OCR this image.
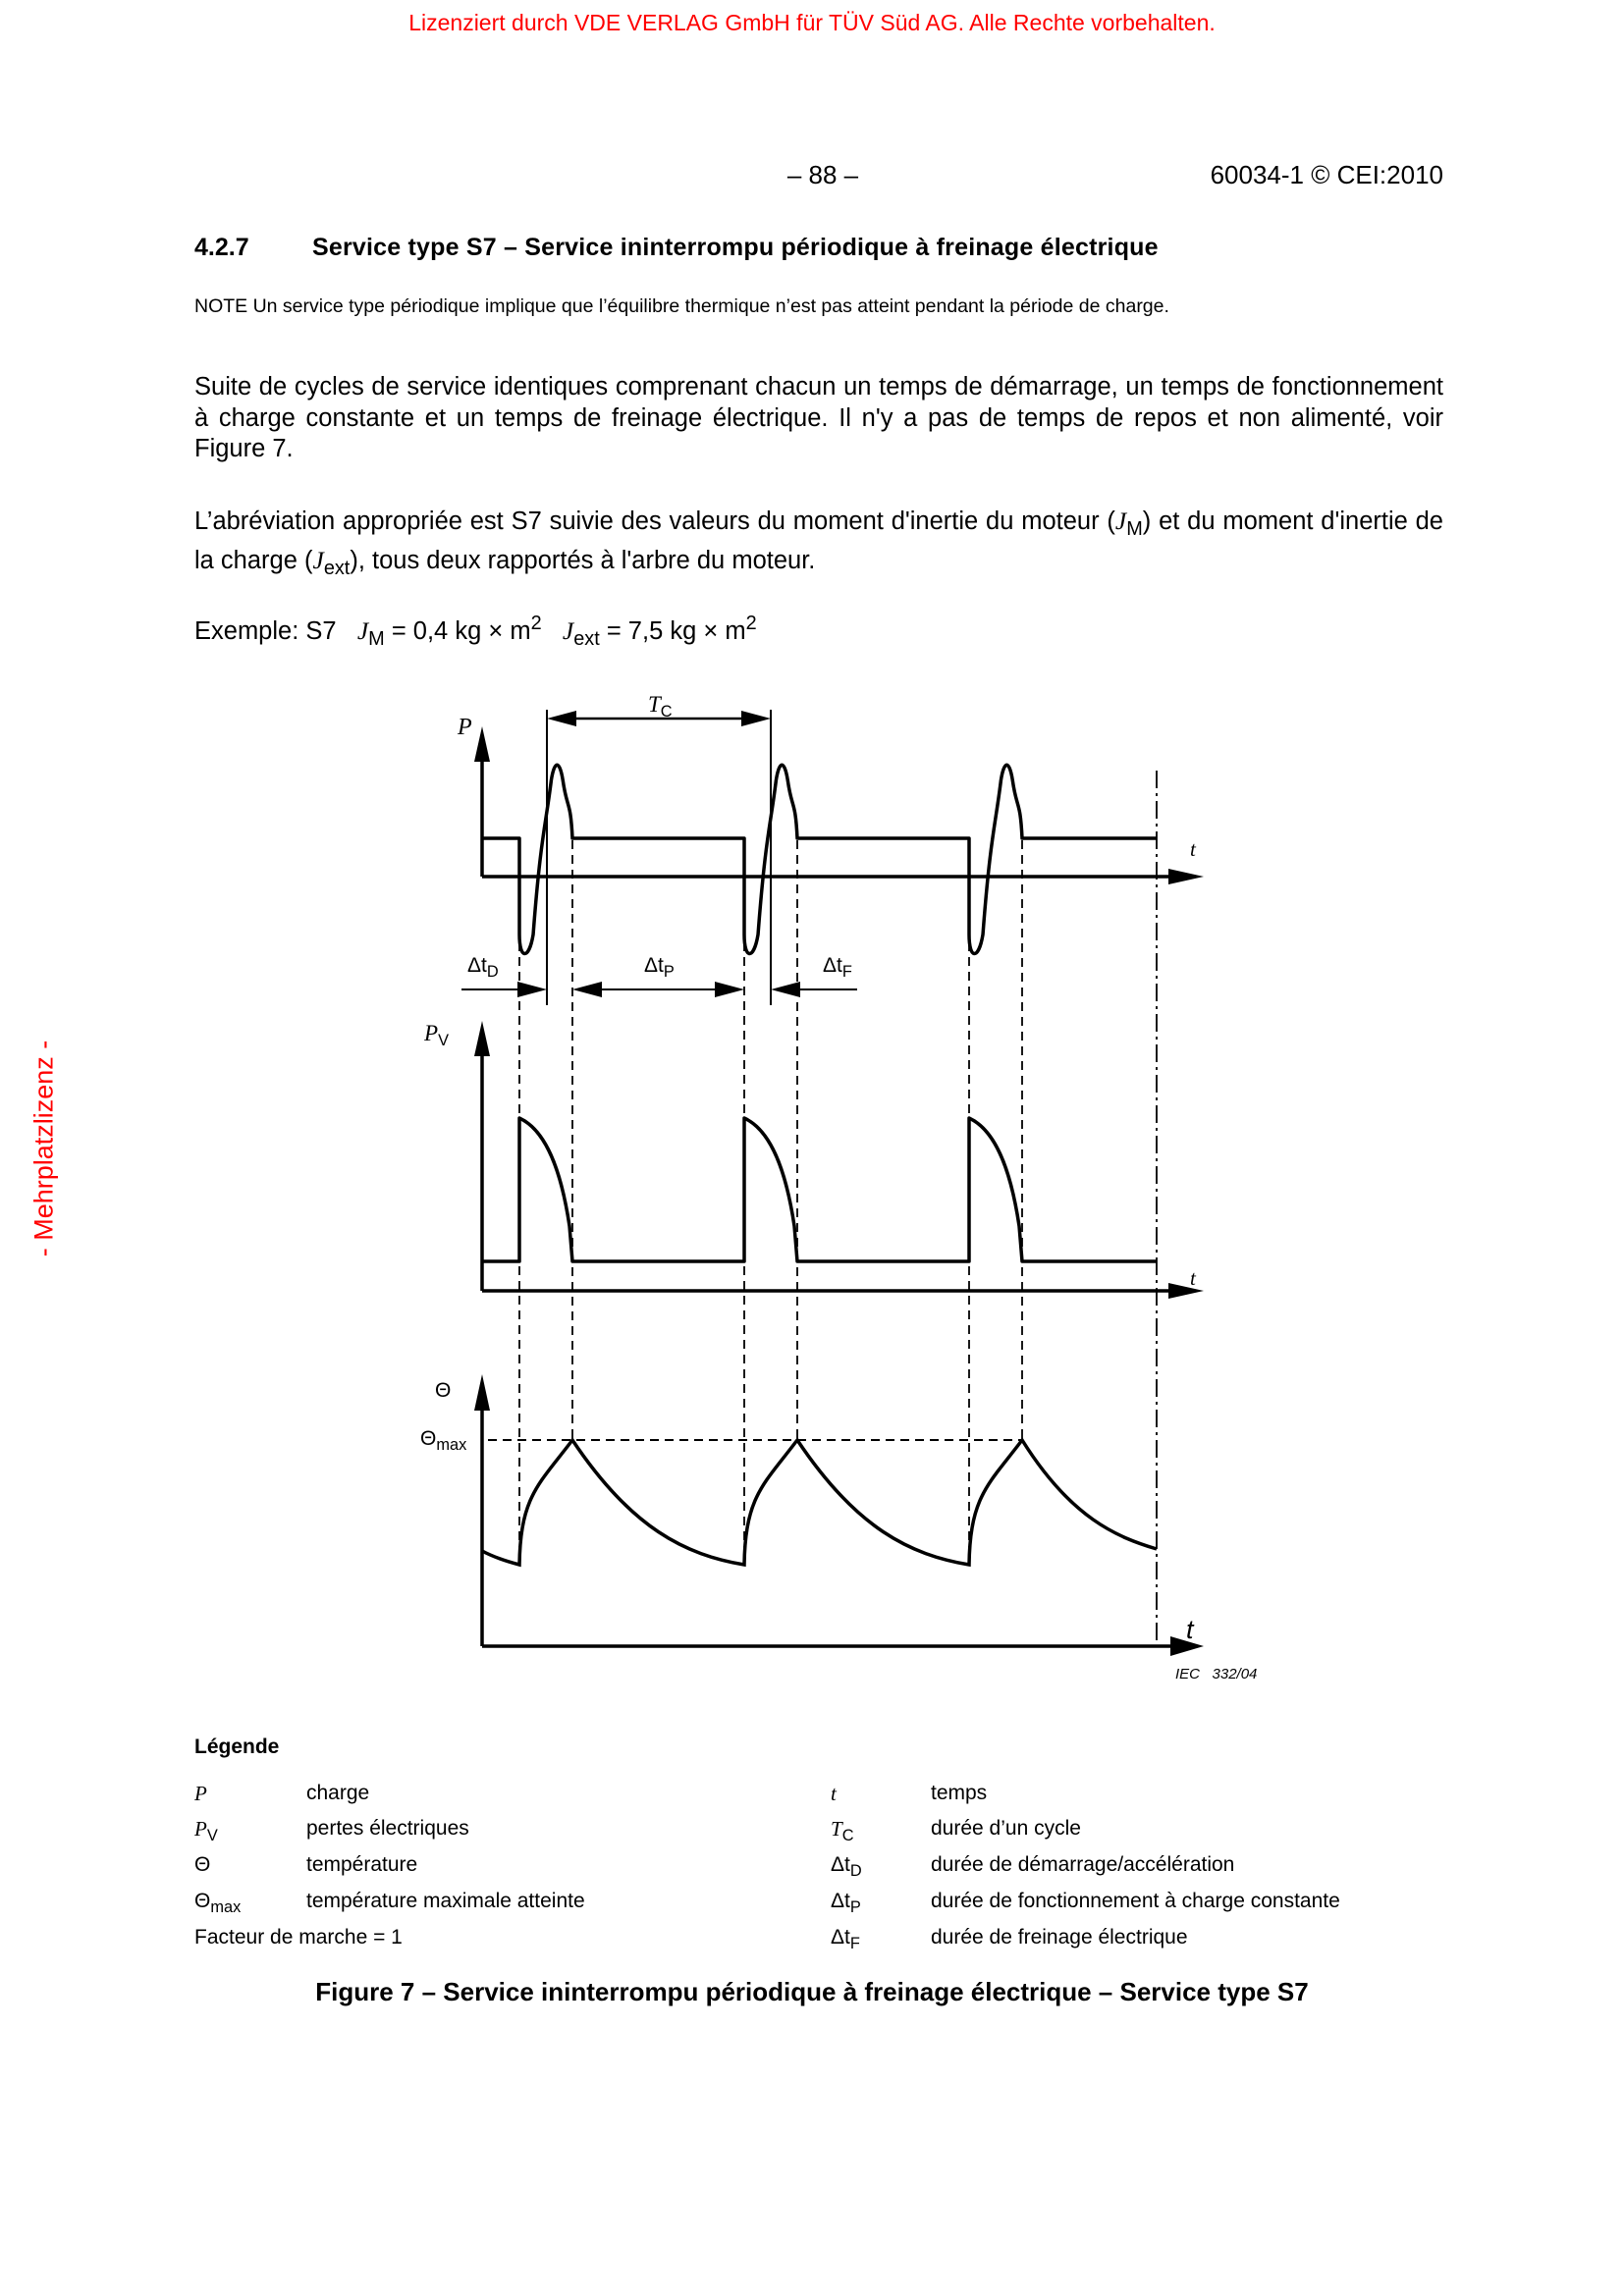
Lizenziert durch VDE VERLAG GmbH für TÜV Süd AG. Alle Rechte vorbehalten.
- Mehrplatzlizenz -
– 88 –	60034-1 © CEI:2010
4.2.7	Service type S7 – Service ininterrompu périodique à freinage électrique
NOTE Un service type périodique implique que l’équilibre thermique n’est pas atteint pendant la période de charge.
Suite de cycles de service identiques comprenant chacun un temps de démarrage, un temps de fonctionnement à charge constante et un temps de freinage électrique. Il n'y a pas de temps de repos et non alimenté, voir Figure 7.
L’abréviation appropriée est S7 suivie des valeurs du moment d'inertie du moteur $(J_M)$ et du moment d'inertie de la charge $(J_{ext})$, tous deux rapportés à l'arbre du moteur.
Exemple: S7 $J_M = 0,4$ kg × $m^2$ $J_{ext} = 7,5$ kg × $m^2$
P
$T_C$
t
$\Delta t_D$	$\Delta t_P$	$\Delta t_F$
$P_V$
t
Θ
$\Theta_{max}$
t
IEC   332/04
Légende
P	charge
$P_V$	pertes électriques
Θ	température
$\Theta_{max}$	température maximale atteinte
Facteur de marche = 1
t	temps
$T_C$	durée d’un cycle
$\Delta t_D$	durée de démarrage/accélération
$\Delta t_P$	durée de fonctionnement à charge constante
$\Delta t_F$	durée de freinage électrique
Figure 7 – Service ininterrompu périodique à freinage électrique – Service type S7
